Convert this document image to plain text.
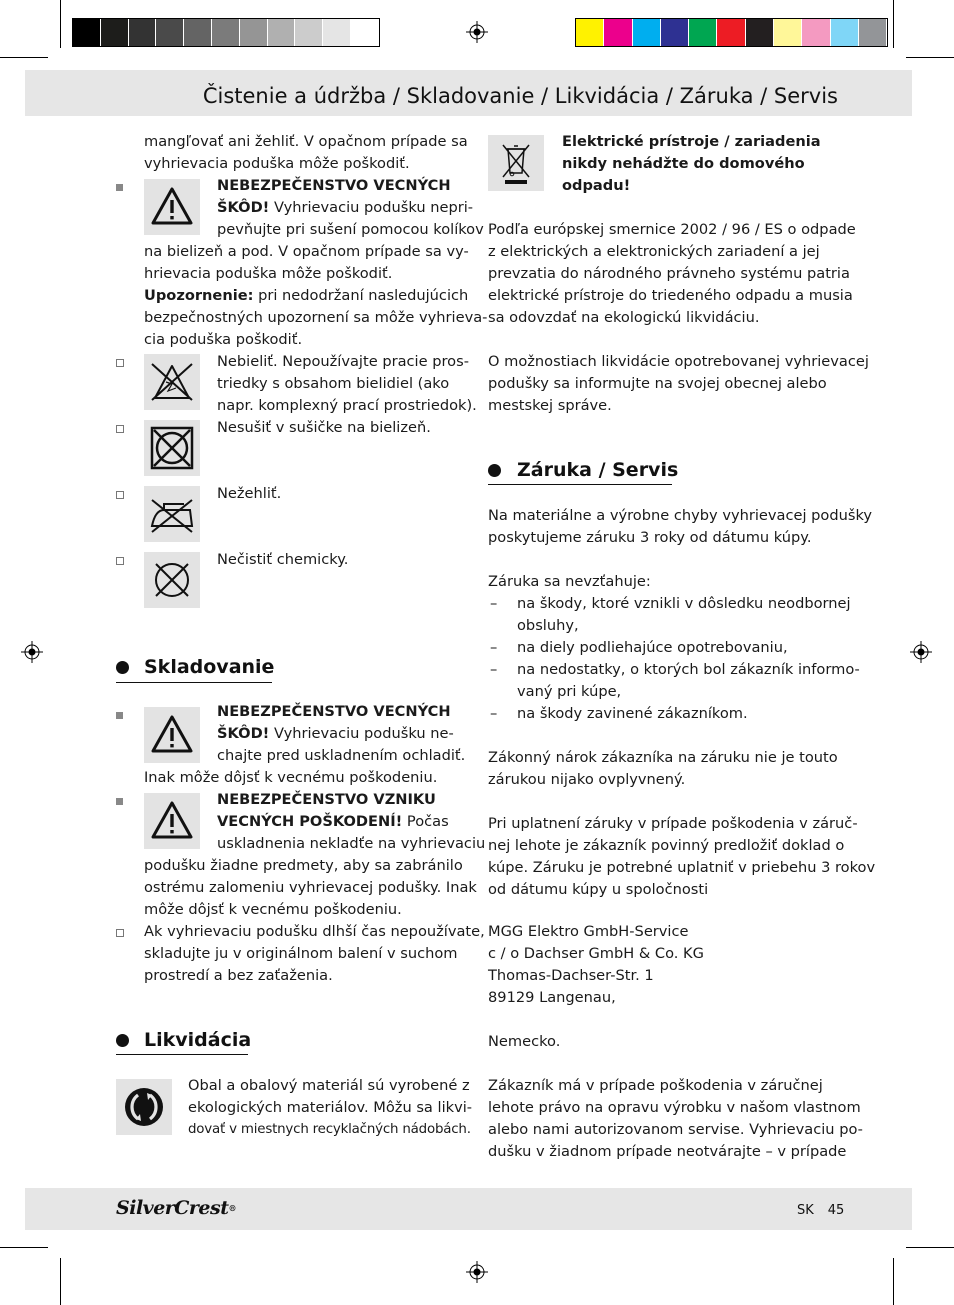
Čistenie a údržba / Skladovanie / Likvidácia / Záruka / Servis
mangľovať ani žehliť. V opačnom prípade sa
vyhrievacia poduška môže poškodiť.
NEBEZPEČENSTVO VECNÝCH
ŠKÔD! Vyhrievaciu podušku nepri-
pevňujte pri sušení pomocou kolíkov
na bielizeň a pod. V opačnom prípade sa vy-
hrievacia poduška môže poškodiť.
Upozornenie: pri nedodržaní nasledujúcich
bezpečnostných upozornení sa môže vyhrieva-
cia poduška poškodiť.
Nebieliť. Nepoužívajte pracie pros-
triedky s obsahom bielidiel (ako
napr. komplexný prací prostriedok).
Nesušiť v sušičke na bielizeň.
Nežehliť.
Nečistiť chemicky.
Skladovanie
NEBEZPEČENSTVO VECNÝCH
ŠKÔD! Vyhrievaciu podušku ne-
chajte pred uskladnením ochladiť.
Inak môže dôjsť k vecnému poškodeniu.
NEBEZPEČENSTVO VZNIKU
VECNÝCH POŠKODENÍ! Počas
uskladnenia nekladťe na vyhrievaciu
podušku žiadne predmety, aby sa zabránilo
ostrému zalomeniu vyhrievacej podušky. Inak
môže dôjsť k vecnému poškodeniu.
Ak vyhrievaciu podušku dlhší čas nepoužívate,
skladujte ju v originálnom balení v suchom
prostredí a bez zaťaženia.
Likvidácia
Obal a obalový materiál sú vyrobené z
ekologických materiálov. Môžu sa likvi-
dovať v miestnych recyklačných nádobách.
Elektrické prístroje / zariadenia
nikdy nehádžte do domového
odpadu!
Podľa európskej smernice 2002 / 96 / ES o odpade
z elektrických a elektronických zariadení a jej
prevzatia do národného právneho systému patria
elektrické prístroje do triedeného odpadu a musia
sa odovzdať na ekologickú likvidáciu.
O možnostiach likvidácie opotrebovanej vyhrievacej
podušky sa informujte na svojej obecnej alebo
mestskej správe.
Záruka / Servis
Na materiálne a výrobne chyby vyhrievacej podušky
poskytujeme záruku 3 roky od dátumu kúpy.
Záruka sa nevzťahuje:
– na škody, ktoré vznikli v dôsledku neodbornej
obsluhy,
– na diely podliehajúce opotrebovaniu,
– na nedostatky, o ktorých bol zákazník informo-
vaný pri kúpe,
– na škody zavinené zákazníkom.
Zákonný nárok zákazníka na záruku nie je touto
zárukou nijako ovplyvnený.
Pri uplatnení záruky v prípade poškodenia v záruč-
nej lehote je zákazník povinný predložiť doklad o
kúpe. Záruku je potrebné uplatniť v priebehu 3 rokov
od dátumu kúpy u spoločnosti
MGG Elektro GmbH-Service
c / o Dachser GmbH & Co. KG
Thomas-Dachser-Str. 1
89129 Langenau,
Nemecko.
Zákazník má v prípade poškodenia v záručnej
lehote právo na opravu výrobku v našom vlastnom
alebo nami autorizovanom servise. Vyhrievaciu po-
dušku v žiadnom prípade neotvárajte – v prípade
SilverCrest®	SK 45
